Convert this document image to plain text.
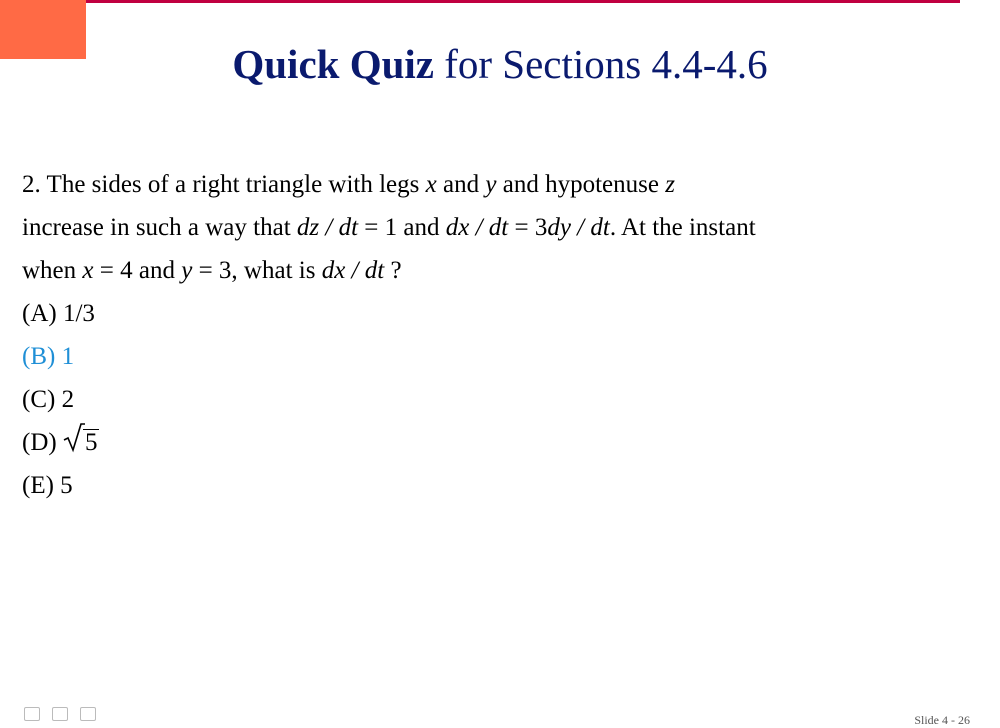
Quick Quiz for Sections 4.4-4.6
2. The sides of a right triangle with legs x and y and hypotenuse z
increase in such a way that dz / dt = 1 and dx / dt = 3dy / dt. At the instant
when x = 4 and y = 3, what is dx / dt ?
(A) 1/3
(B) 1
(C) 2
(D)
5
(E) 5
Slide 4 - 26
